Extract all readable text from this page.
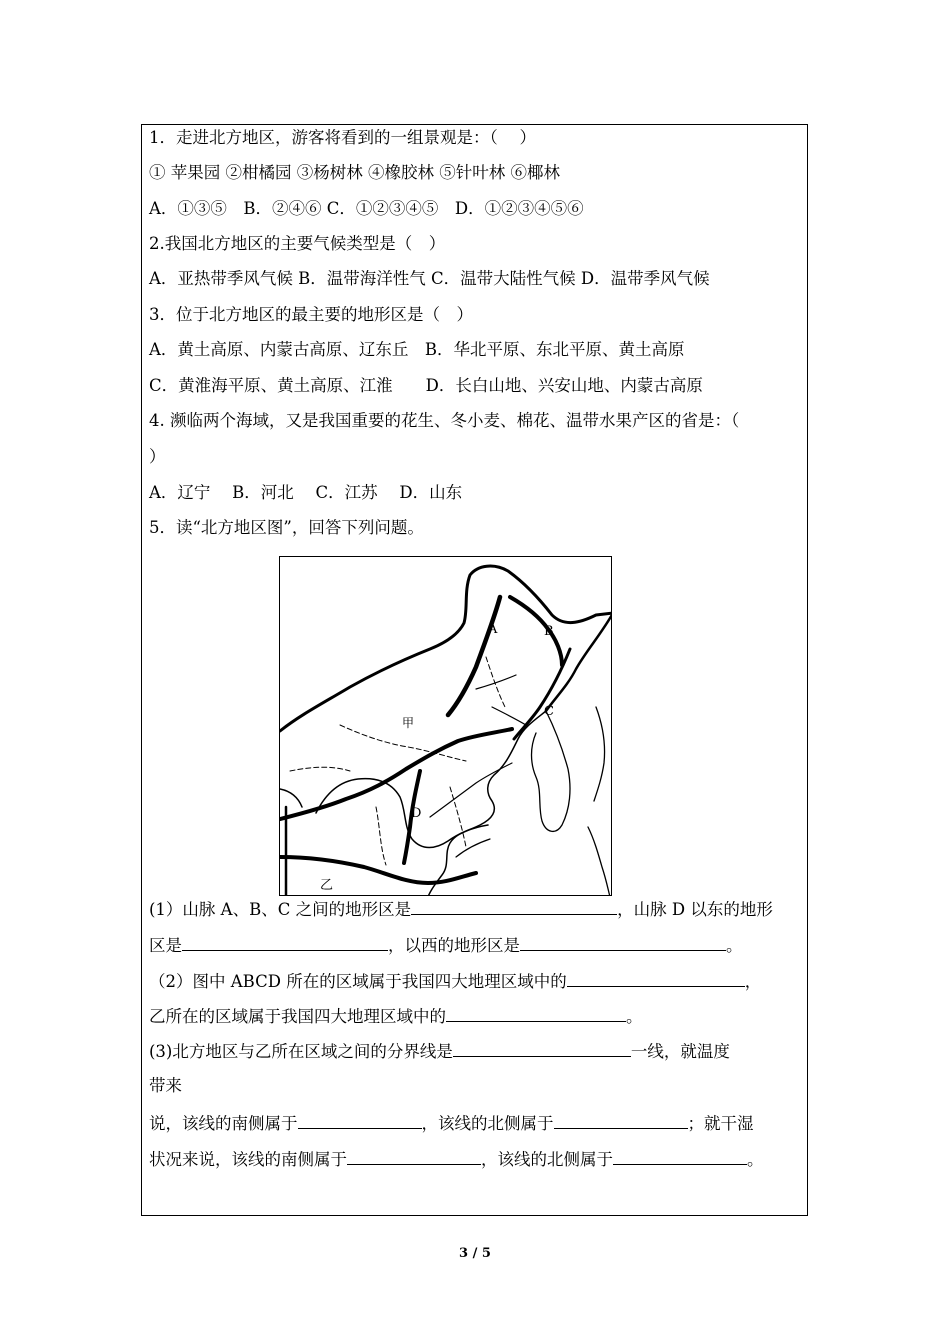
1．走进北方地区，游客将看到的一组景观是：（　 ）
① 苹果园 ②柑橘园 ③杨树林 ④橡胶林 ⑤针叶林 ⑥椰林
A．①③⑤　B．②④⑥ C．①②③④⑤　D．①②③④⑤⑥
2.我国北方地区的主要气候类型是（　）
A．亚热带季风气候 B．温带海洋性气 C．温带大陆性气候 D．温带季风气候
3．位于北方地区的最主要的地形区是（　）
A．黄土高原、内蒙古高原、辽东丘　B．华北平原、东北平原、黄土高原
C．黄淮海平原、黄土高原、江淮　　D．长白山地、兴安山地、内蒙古高原
4. 濒临两个海域，又是我国重要的花生、冬小麦、棉花、温带水果产区的省是：（
）
A．辽宁　 B．河北　 C．江苏　 D．山东
5．读“北方地区图”，回答下列问题。
A	B
C
D
甲
乙
(1）山脉 A、B、C 之间的地形区是	，山脉 D 以东的地形
区是	，以西的地形区是	。
（2）图中 ABCD 所在的区域属于我国四大地理区域中的	，
乙所在的区域属于我国四大地理区域中的	。
(3)北方地区与乙所在区域之间的分界线是	一线，就温度
带来
说，该线的南侧属于	，该线的北侧属于	；就干湿
状况来说，该线的南侧属于	，该线的北侧属于	。
3 / 5
